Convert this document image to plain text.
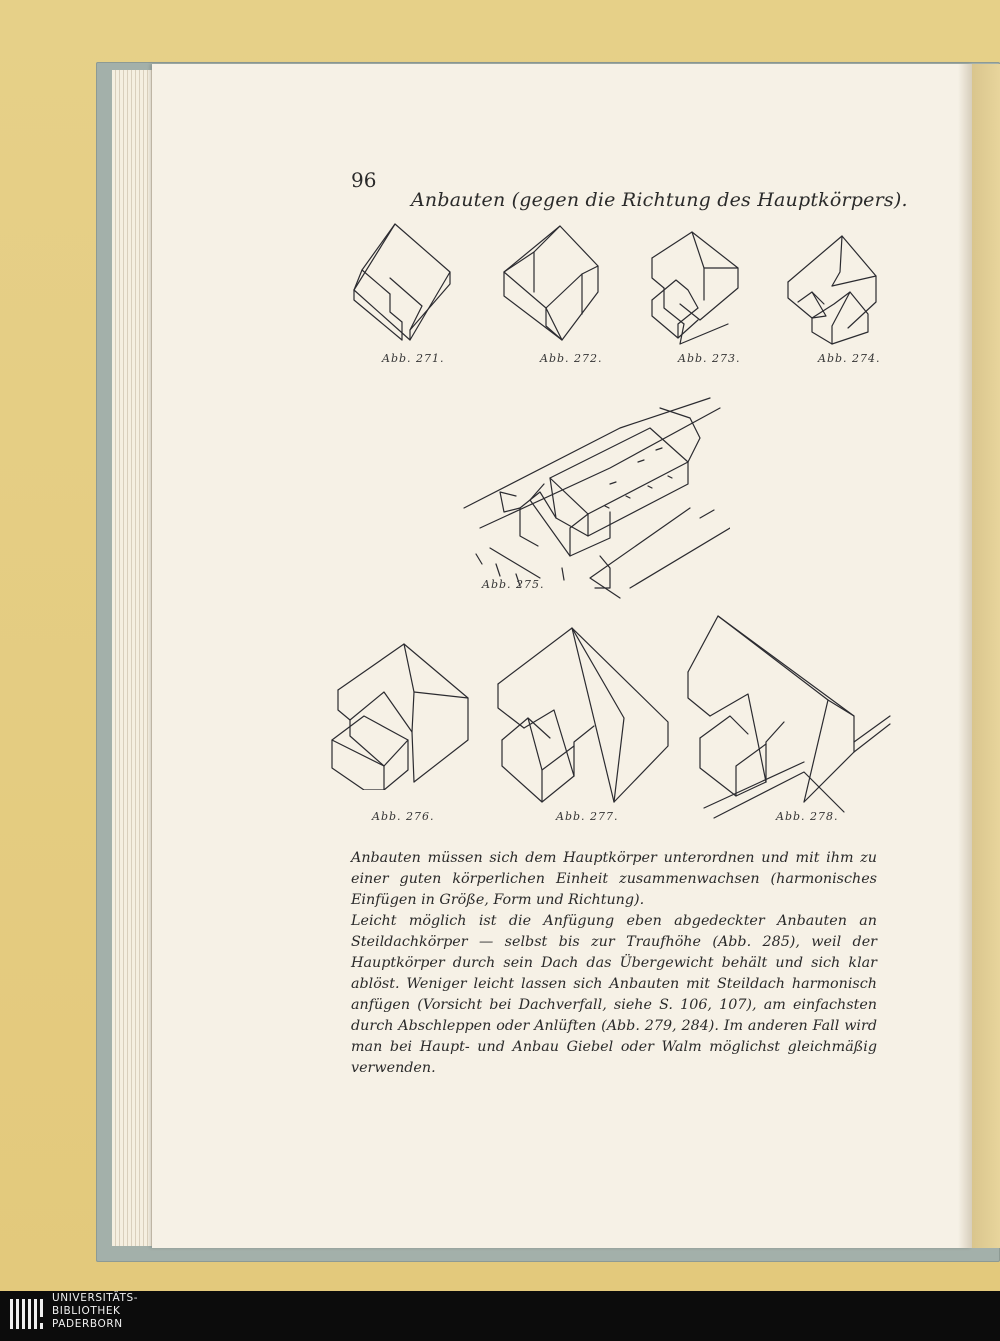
96
Anbauten (gegen die Richtung des Hauptkörpers).
Abb. 271.	Abb. 272.	Abb. 273.	Abb. 274.
Abb. 275.
Abb. 276.	Abb. 277.	Abb. 278.

Anbauten müssen sich dem Hauptkörper unterordnen und mit ihm zu einer guten körperlichen Einheit zusammenwachsen (harmonisches Einfügen in Größe, Form und Richtung).

Leicht möglich ist die Anfügung eben abgedeckter Anbauten an Steildachkörper — selbst bis zur Traufhöhe (Abb. 285), weil der Hauptkörper durch sein Dach das Übergewicht behält und sich klar ablöst. Weniger leicht lassen sich Anbauten mit Steildach harmonisch anfügen (Vorsicht bei Dachverfall, siehe S. 106, 107), am einfachsten durch Abschleppen oder Anlüften (Abb. 279, 284). Im anderen Fall wird man bei Haupt- und Anbau Giebel oder Walm möglichst gleichmäßig verwenden.

UNIVERSITÄTS-
BIBLIOTHEK
PADERBORN
